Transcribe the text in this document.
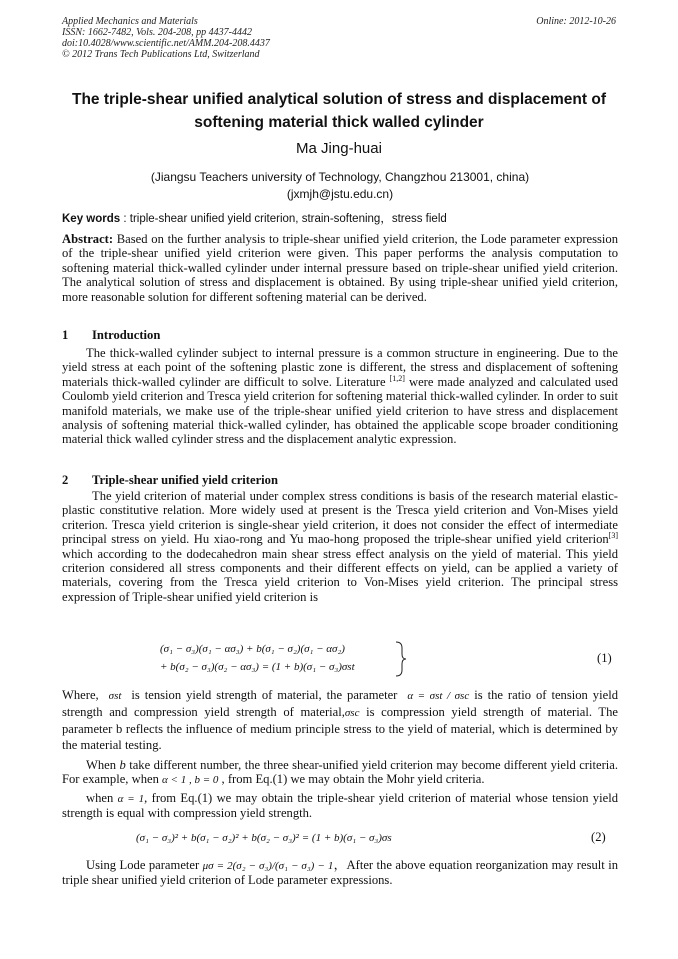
Applied Mechanics and Materials
ISSN: 1662-7482, Vols. 204-208, pp 4437-4442
doi:10.4028/www.scientific.net/AMM.204-208.4437
© 2012 Trans Tech Publications Ltd, Switzerland
Online: 2012-10-26
The triple-shear unified analytical solution of stress and displacement of
softening material thick walled cylinder
Ma Jing-huai
(Jiangsu Teachers university of Technology, Changzhou 213001, china)
(jxmjh@jstu.edu.cn)
Key words : triple-shear unified yield criterion, strain-softening，stress field
Abstract: Based on the further analysis to triple-shear unified yield criterion, the Lode parameter expression of the triple-shear unified yield criterion were given. This paper performs the analysis computation to softening material thick-walled cylinder under internal pressure based on triple-shear unified yield criterion. The analytical solution of stress and displacement is obtained. By using triple-shear unified yield criterion, more reasonable solution for different softening material can be derived.
1 Introduction
The thick-walled cylinder subject to internal pressure is a common structure in engineering. Due to the yield stress at each point of the softening plastic zone is different, the stress and displacement of softening materials thick-walled cylinder are difficult to solve. Literature [1,2] were made analyzed and calculated used Coulomb yield criterion and Tresca yield criterion for softening material thick-walled cylinder. In order to suit manifold materials, we make use of the triple-shear unified yield criterion to have stress and displacement analysis of softening material thick-walled cylinder, has obtained the applicable scope broader conditioning material thick walled cylinder stress and the displacement analytic expression.
2 Triple-shear unified yield criterion
The yield criterion of material under complex stress conditions is basis of the research material elastic-plastic constitutive relation. More widely used at present is the Tresca yield criterion and Von-Mises yield criterion. Tresca yield criterion is single-shear yield criterion, it does not consider the effect of intermediate principal stress on yield. Hu xiao-rong and Yu mao-hong proposed the triple-shear unified yield criterion[3] which according to the dodecahedron main shear stress effect analysis on the yield of material. This yield criterion considered all stress components and their different effects on yield, can be applied a variety of materials, covering from the Tresca yield criterion to Von-Mises yield criterion. The principal stress expression of Triple-shear unified yield criterion is
(σ₁ − σ₃)(σ₁ − ασ₃) + b(σ₁ − σ₂)(σ₁ − ασ₂)
+ b(σ₂ − σ₃)(σ₂ − ασ₃) = (1 + b)(σ₁ − σ₃)σst
(1)
Where, σst is tension yield strength of material, the parameter α = σst / σsc is the ratio of tension yield strength and compression yield strength of material,σsc is compression yield strength of material. The parameter b reflects the influence of medium principle stress to the yield of material, which is determined by the material testing.
When b take different number, the three shear-unified yield criterion may become different yield criteria. For example, when α < 1 , b = 0 , from Eq.(1) we may obtain the Mohr yield criteria.
when α = 1, from Eq.(1) we may obtain the triple-shear yield criterion of material whose tension yield strength is equal with compression yield strength.
(σ₁ − σ₃)² + b(σ₁ − σ₂)² + b(σ₂ − σ₃)² = (1 + b)(σ₁ − σ₃)σs	(2)
Using Lode parameter μσ = 2(σ₂ − σ₃)/(σ₁ − σ₃) − 1，After the above equation reorganization may result in triple shear unified yield criterion of Lode parameter expressions.
